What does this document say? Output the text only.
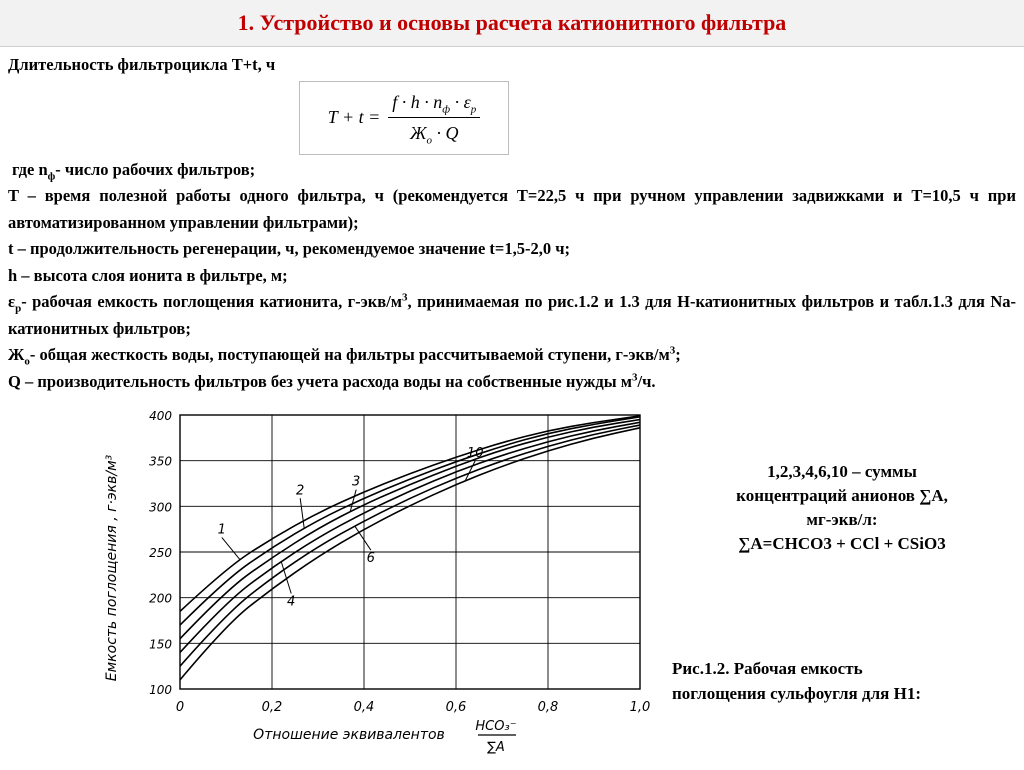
1. Устройство и основы расчета катионитного фильтра
Длительность фильтроцикла T+t, ч
$T + t = \frac{f \cdot h \cdot n_ф \cdot \varepsilon_р}{Ж_о \cdot Q}$

где $n_ф-$ число рабочих фильтров;

T – время полезной работы одного фильтра, ч (рекомендуется T=22,5 ч при ручном управлении задвижками и T=10,5 ч при автоматизированном управлении фильтрами);

t – продолжительность регенерации, ч, рекомендуемое значение t=1,5-2,0 ч;

h – высота слоя ионита в фильтре, м;

$\varepsilon_р-$ рабочая емкость поглощения катионита, $г-экв/м^3$, принимаемая по рис.1.2 и 1.3 для Н-катионитных фильтров и табл.1.3 для Na-катионитных фильтров;

$Ж_о-$ общая жесткость воды, поступающей на фильтры рассчитываемой ступени, $г-экв/м^3$;

Q – производительность фильтров без учета расхода воды на собственные нужды $м^3/ч$.

100
150
200
250
300
350
400
0	0,2	0,4	0,6	0,8	1,0
1
2
3
4
6
10
Емкость поглощения , г·экв/м³
Отношение эквивалентов
HCO₃⁻
∑A
1,2,3,4,6,10 – суммы
концентраций анионов ∑А,
мг-экв/л:
∑A=CHCO3 + CCl + CSiO3
Рис.1.2. Рабочая емкость
поглощения сульфоугля для Н1:
